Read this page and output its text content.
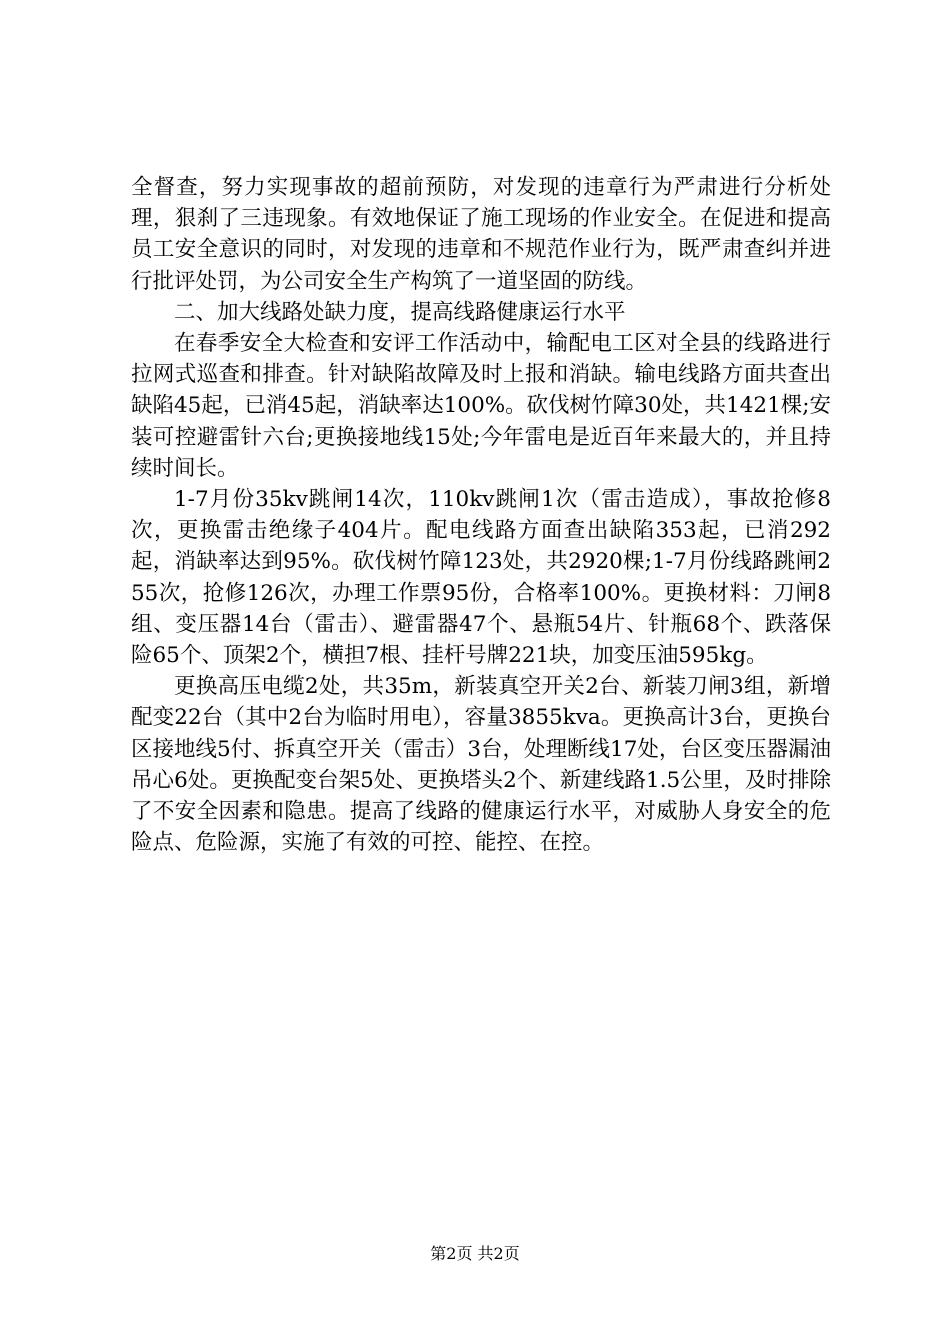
全督查，努力实现事故的超前预防，对发现的违章行为严肃进行分析处理，狠刹了三违现象。有效地保证了施工现场的作业安全。在促进和提高员工安全意识的同时，对发现的违章和不规范作业行为，既严肃查纠并进行批评处罚，为公司安全生产构筑了一道坚固的防线。

二、加大线路处缺力度，提高线路健康运行水平

在春季安全大检查和安评工作活动中，输配电工区对全县的线路进行拉网式巡查和排查。针对缺陷故障及时上报和消缺。输电线路方面共查出缺陷45起，已消45起，消缺率达100%。砍伐树竹障30处，共1421棵;安装可控避雷针六台;更换接地线15处;今年雷电是近百年来最大的，并且持续时间长。

1-7月份35kv跳闸14次，110kv跳闸1次（雷击造成），事故抢修8次，更换雷击绝缘子404片。配电线路方面查出缺陷353起，已消292起，消缺率达到95%。砍伐树竹障123处，共2920棵;1-7月份线路跳闸255次，抢修126次，办理工作票95份，合格率100%。更换材料：刀闸8组、变压器14台（雷击）、避雷器47个、悬瓶54片、针瓶68个、跌落保险65个、顶架2个，横担7根、挂杆号牌221块，加变压油595kg。

更换高压电缆2处，共35m，新装真空开关2台、新装刀闸3组，新增配变22台（其中2台为临时用电），容量3855kva。更换高计3台，更换台区接地线5付、拆真空开关（雷击）3台，处理断线17处，台区变压器漏油吊心6处。更换配变台架5处、更换塔头2个、新建线路1.5公里，及时排除了不安全因素和隐患。提高了线路的健康运行水平，对威胁人身安全的危险点、危险源，实施了有效的可控、能控、在控。

第2页 共2页
